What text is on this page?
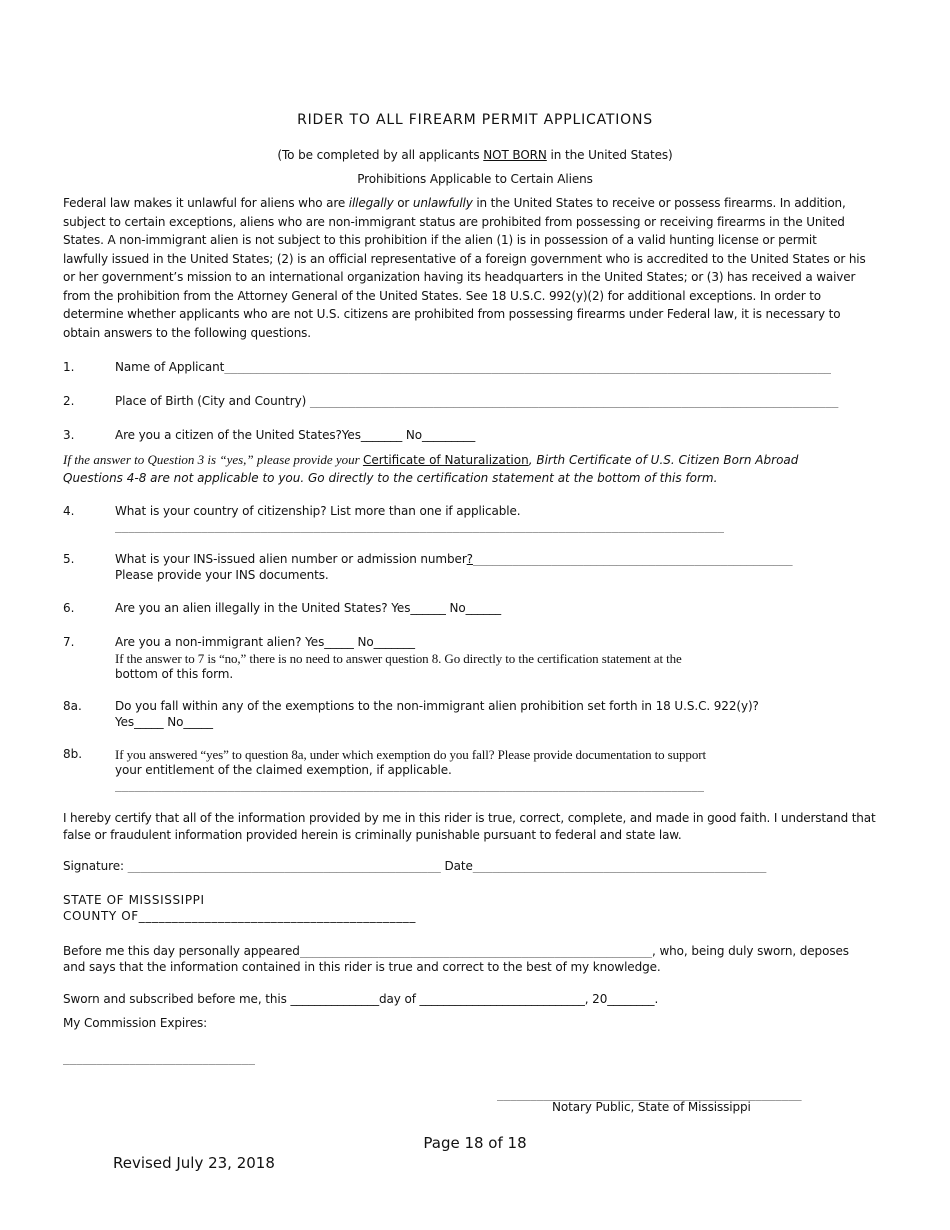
RIDER TO ALL FIREARM PERMIT APPLICATIONS
(To be completed by all applicants NOT BORN in the United States)
Prohibitions Applicable to Certain Aliens
Federal law makes it unlawful for aliens who are illegally or unlawfully in the United States to receive or possess firearms. In addition,
subject to certain exceptions, aliens who are non-immigrant status are prohibited from possessing or receiving firearms in the United
States. A non-immigrant alien is not subject to this prohibition if the alien (1) is in possession of a valid hunting license or permit
lawfully issued in the United States; (2) is an official representative of a foreign government who is accredited to the United States or his
or her government’s mission to an international organization having its headquarters in the United States; or (3) has received a waiver
from the prohibition from the Attorney General of the United States. See 18 U.S.C. 992(y)(2) for additional exceptions. In order to
determine whether applicants who are not U.S. citizens are prohibited from possessing firearms under Federal law, it is necessary to
obtain answers to the following questions.
1.	Name of Applicant_____________________________________________________________________________________________
2.	Place of Birth (City and Country) _________________________________________________________________________________
3.	Are you a citizen of the United States?Yes_______ No_________
If the answer to Question 3 is “yes,” please provide your Certificate of Naturalization, Birth Certificate of U.S. Citizen Born Abroad
Questions 4-8 are not applicable to you. Go directly to the certification statement at the bottom of this form.
4.	What is your country of citizenship? List more than one if applicable.
____________________________________________________________________________________________
5.	What is your INS-issued alien number or admission number?_________________________________________________
Please provide your INS documents.
6.	Are you an alien illegally in the United States? Yes______ No______
7.	Are you a non-immigrant alien? Yes_____ No_______
If the answer to 7 is “no,” there is no need to answer question 8. Go directly to the certification statement at the
bottom of this form.
8a.	Do you fall within any of the exemptions to the non-immigrant alien prohibition set forth in 18 U.S.C. 922(y)?
Yes_____ No_____
8b.	If you answered “yes” to question 8a, under which exemption do you fall? Please provide documentation to support
your entitlement of the claimed exemption, if applicable.
_________________________________________________________________________________________
I hereby certify that all of the information provided by me in this rider is true, correct, complete, and made in good faith. I understand that
false or fraudulent information provided herein is criminally punishable pursuant to federal and state law.
Signature: ________________________________________________ Date_____________________________________________
STATE OF MISSISSIPPI
COUNTY OF__________________________________________
Before me this day personally appeared______________________________________________________, who, being duly sworn, deposes
and says that the information contained in this rider is true and correct to the best of my knowledge.
Sworn and subscribed before me, this _______________day of ____________________________, 20________.
My Commission Expires:
_____________________________
______________________________________________
Notary Public, State of Mississippi
Page 18 of 18
Revised July 23, 2018
